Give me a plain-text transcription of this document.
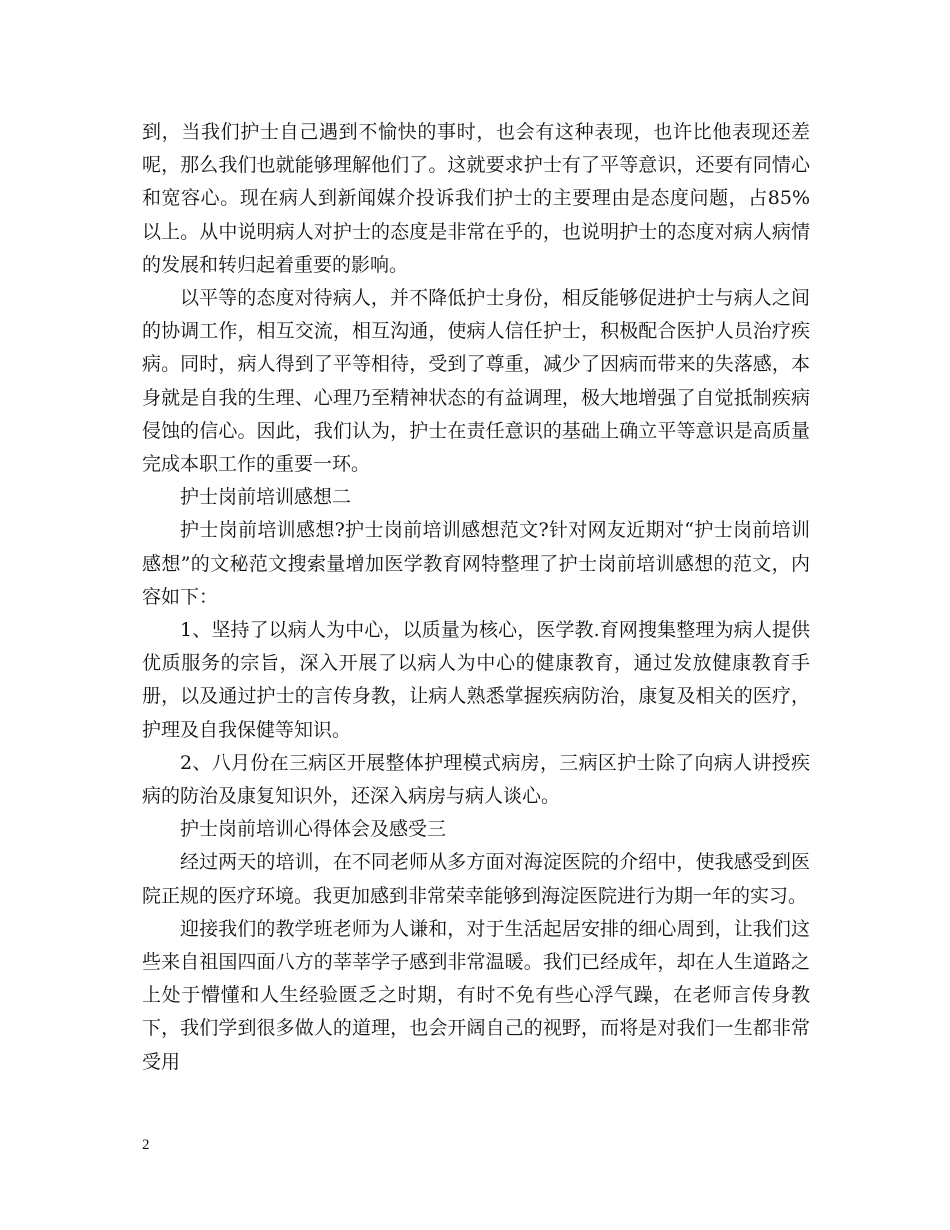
到，当我们护士自己遇到不愉快的事时，也会有这种表现，也许比他表现还差呢，那么我们也就能够理解他们了。这就要求护士有了平等意识，还要有同情心和宽容心。现在病人到新闻媒介投诉我们护士的主要理由是态度问题，占85%以上。从中说明病人对护士的态度是非常在乎的，也说明护士的态度对病人病情的发展和转归起着重要的影响。

以平等的态度对待病人，并不降低护士身份，相反能够促进护士与病人之间的协调工作，相互交流，相互沟通，使病人信任护士，积极配合医护人员治疗疾病。同时，病人得到了平等相待，受到了尊重，减少了因病而带来的失落感，本身就是自我的生理、心理乃至精神状态的有益调理，极大地增强了自觉抵制疾病侵蚀的信心。因此，我们认为，护士在责任意识的基础上确立平等意识是高质量完成本职工作的重要一环。

护士岗前培训感想二

护士岗前培训感想?护士岗前培训感想范文?针对网友近期对“护士岗前培训感想”的文秘范文搜索量增加医学教育网特整理了护士岗前培训感想的范文，内容如下：

1、坚持了以病人为中心，以质量为核心，医学教.育网搜集整理为病人提供优质服务的宗旨，深入开展了以病人为中心的健康教育，通过发放健康教育手册，以及通过护士的言传身教，让病人熟悉掌握疾病防治，康复及相关的医疗，护理及自我保健等知识。

2、八月份在三病区开展整体护理模式病房，三病区护士除了向病人讲授疾病的防治及康复知识外，还深入病房与病人谈心。

护士岗前培训心得体会及感受三

经过两天的培训，在不同老师从多方面对海淀医院的介绍中，使我感受到医院正规的医疗环境。我更加感到非常荣幸能够到海淀医院进行为期一年的实习。

迎接我们的教学班老师为人谦和，对于生活起居安排的细心周到，让我们这些来自祖国四面八方的莘莘学子感到非常温暖。我们已经成年，却在人生道路之上处于懵懂和人生经验匮乏之时期，有时不免有些心浮气躁，在老师言传身教下，我们学到很多做人的道理，也会开阔自己的视野，而将是对我们一生都非常受用

2
